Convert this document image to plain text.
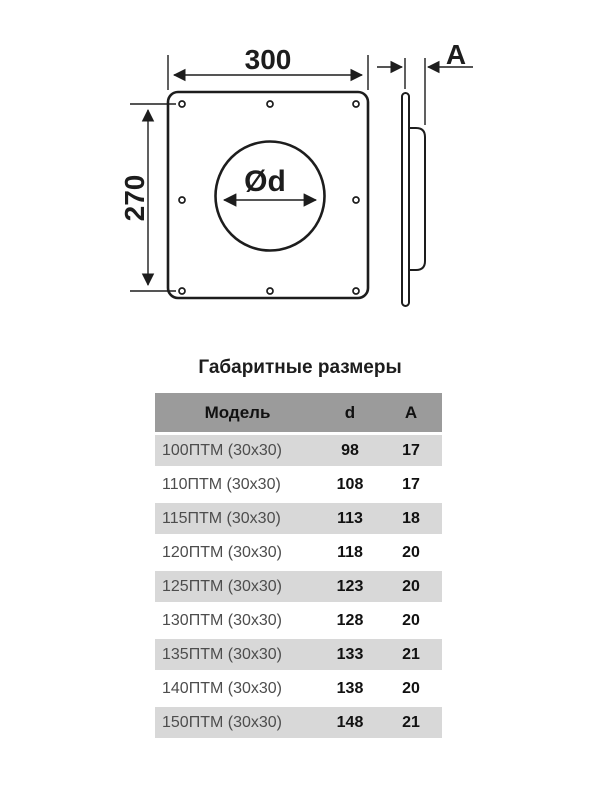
Ød
300
270
A
Габаритные размеры
Модель	d	A
100ПТМ (30x30)	98	17
110ПТМ (30x30)	108	17
115ПТМ (30x30)	113	18
120ПТМ (30x30)	118	20
125ПТМ (30x30)	123	20
130ПТМ (30x30)	128	20
135ПТМ (30x30)	133	21
140ПТМ (30x30)	138	20
150ПТМ (30x30)	148	21
